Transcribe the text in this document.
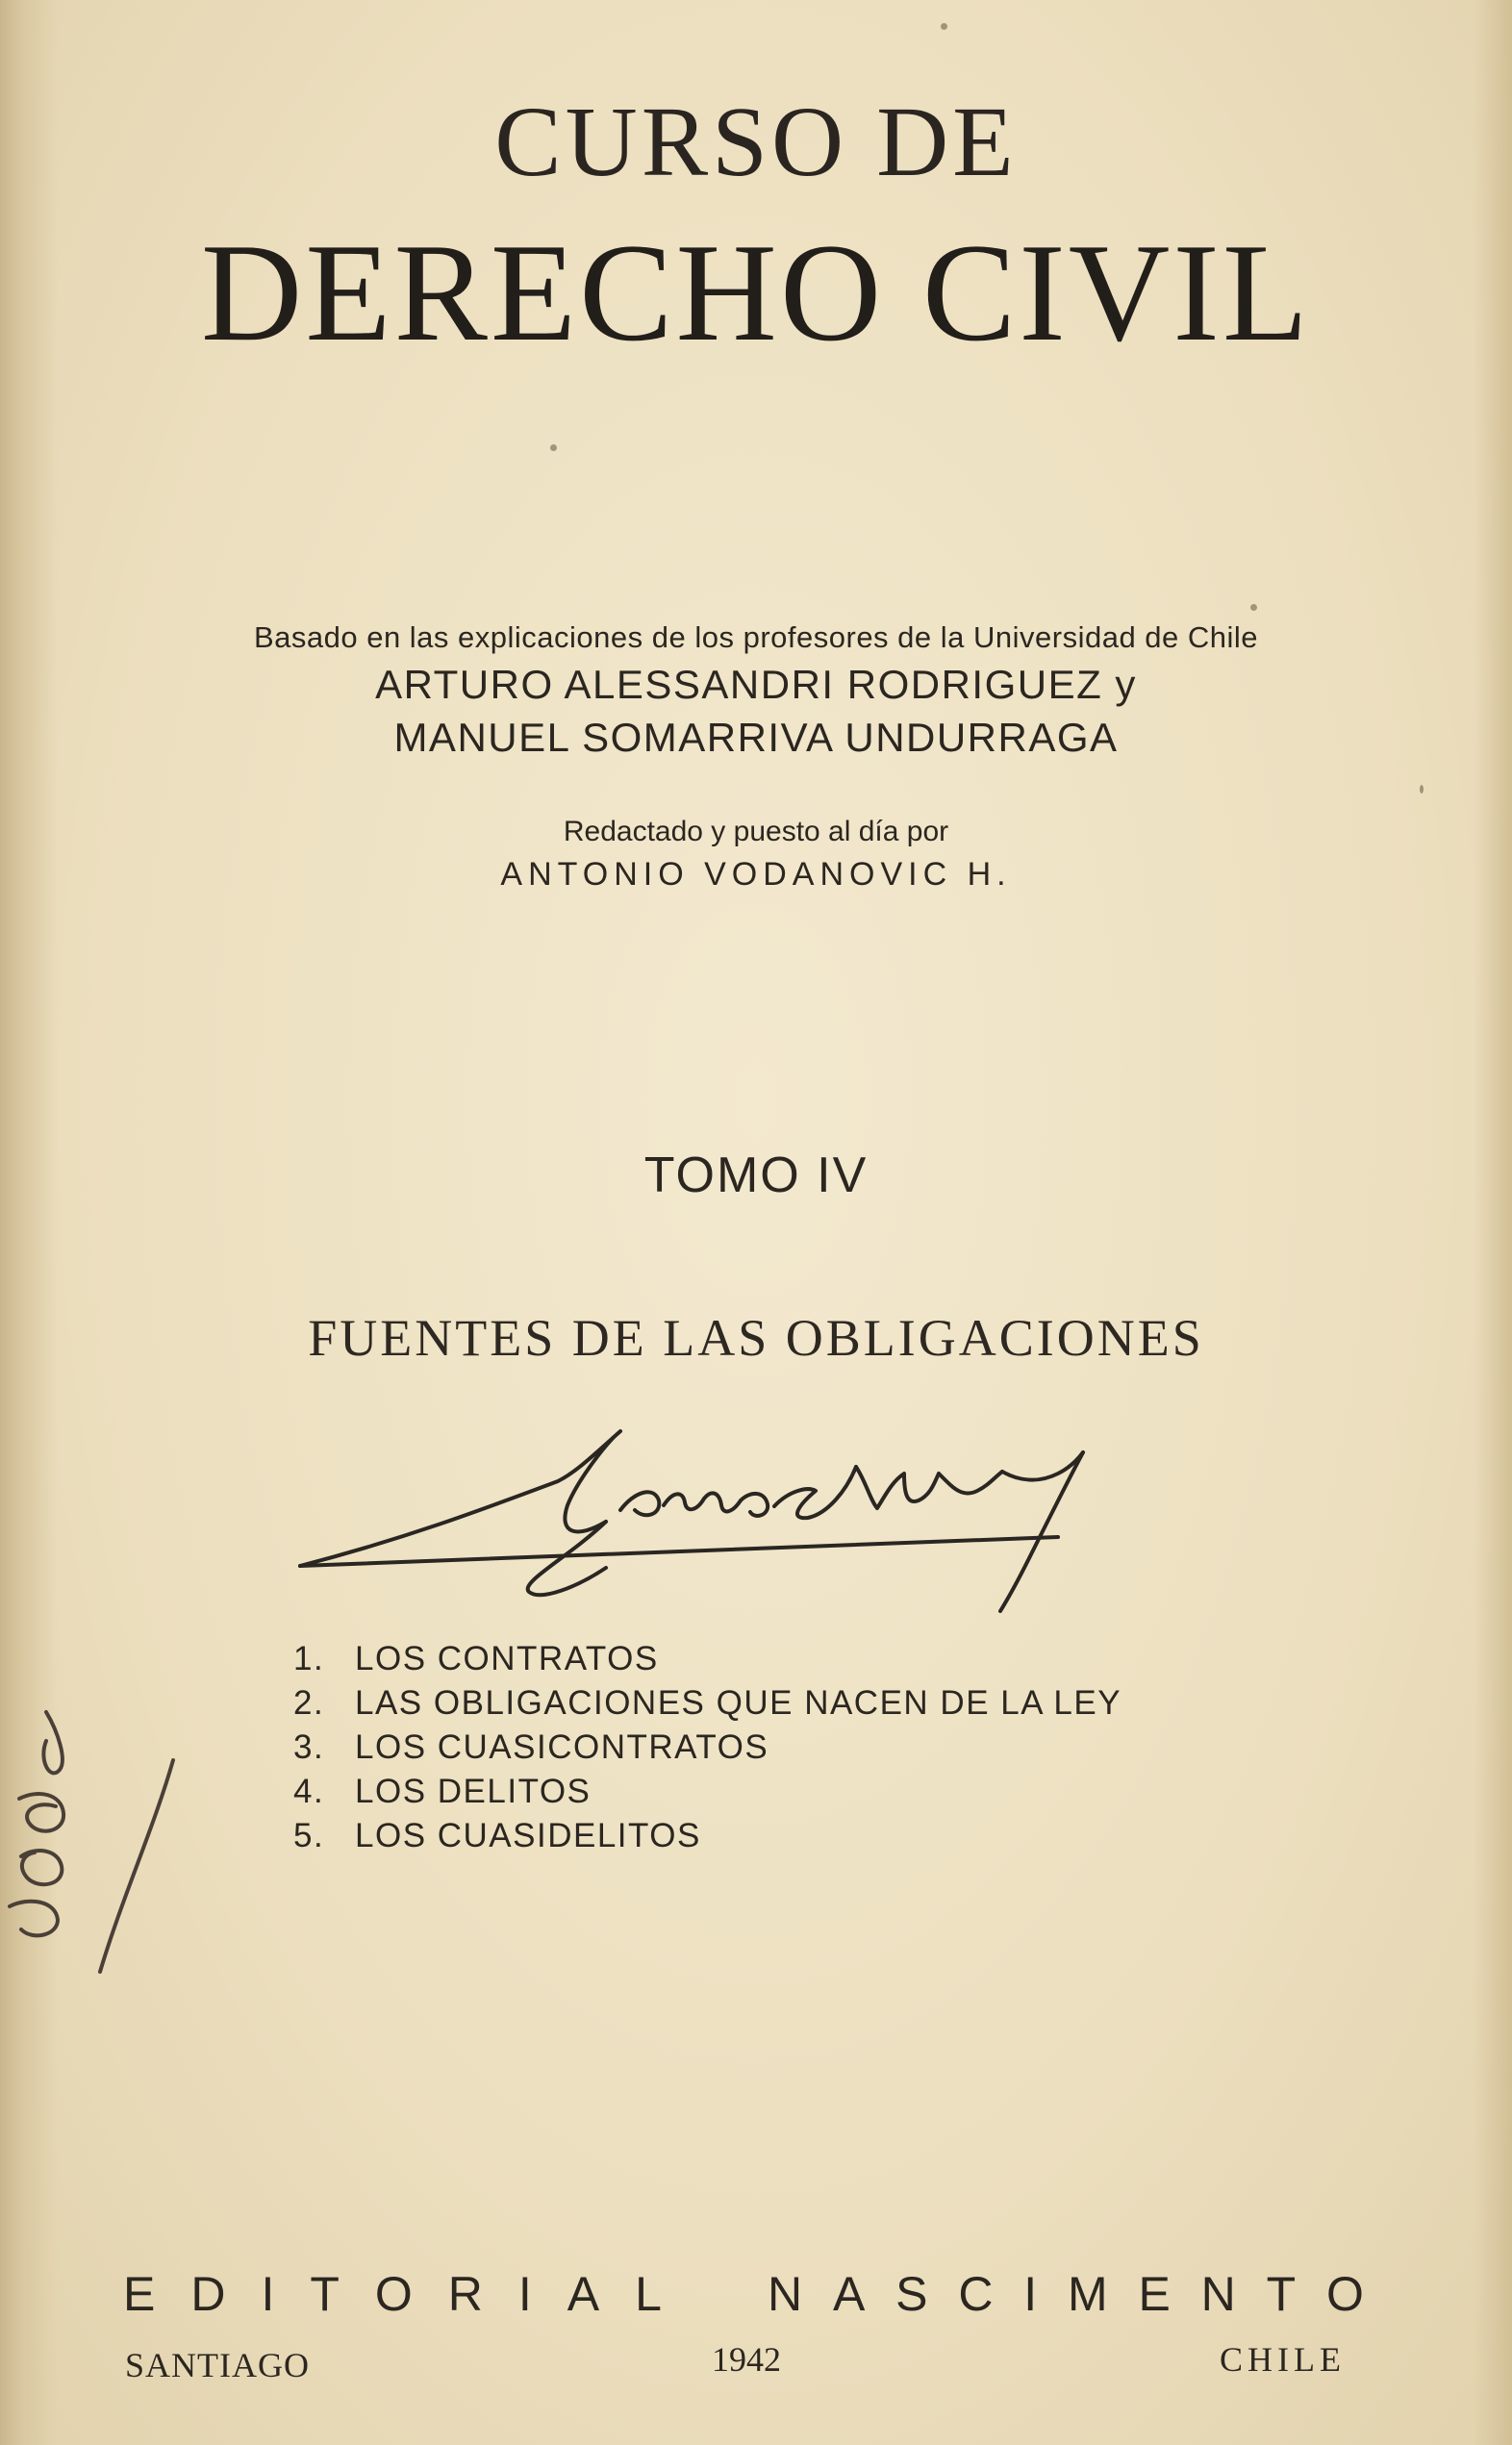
CURSO DE
DERECHO CIVIL
Basado en las explicaciones de los profesores de la Universidad de Chile
ARTURO ALESSANDRI RODRIGUEZ y
MANUEL SOMARRIVA UNDURRAGA
Redactado y puesto al día por
ANTONIO VODANOVIC H.
TOMO IV
FUENTES DE LAS OBLIGACIONES
1. LOS CONTRATOS
2. LAS OBLIGACIONES QUE NACEN DE LA LEY
3. LOS CUASICONTRATOS
4. LOS DELITOS
5. LOS CUASIDELITOS
E D I T O R I A L N A S C I M E N T O
SANTIAGO	1942	CHILE
